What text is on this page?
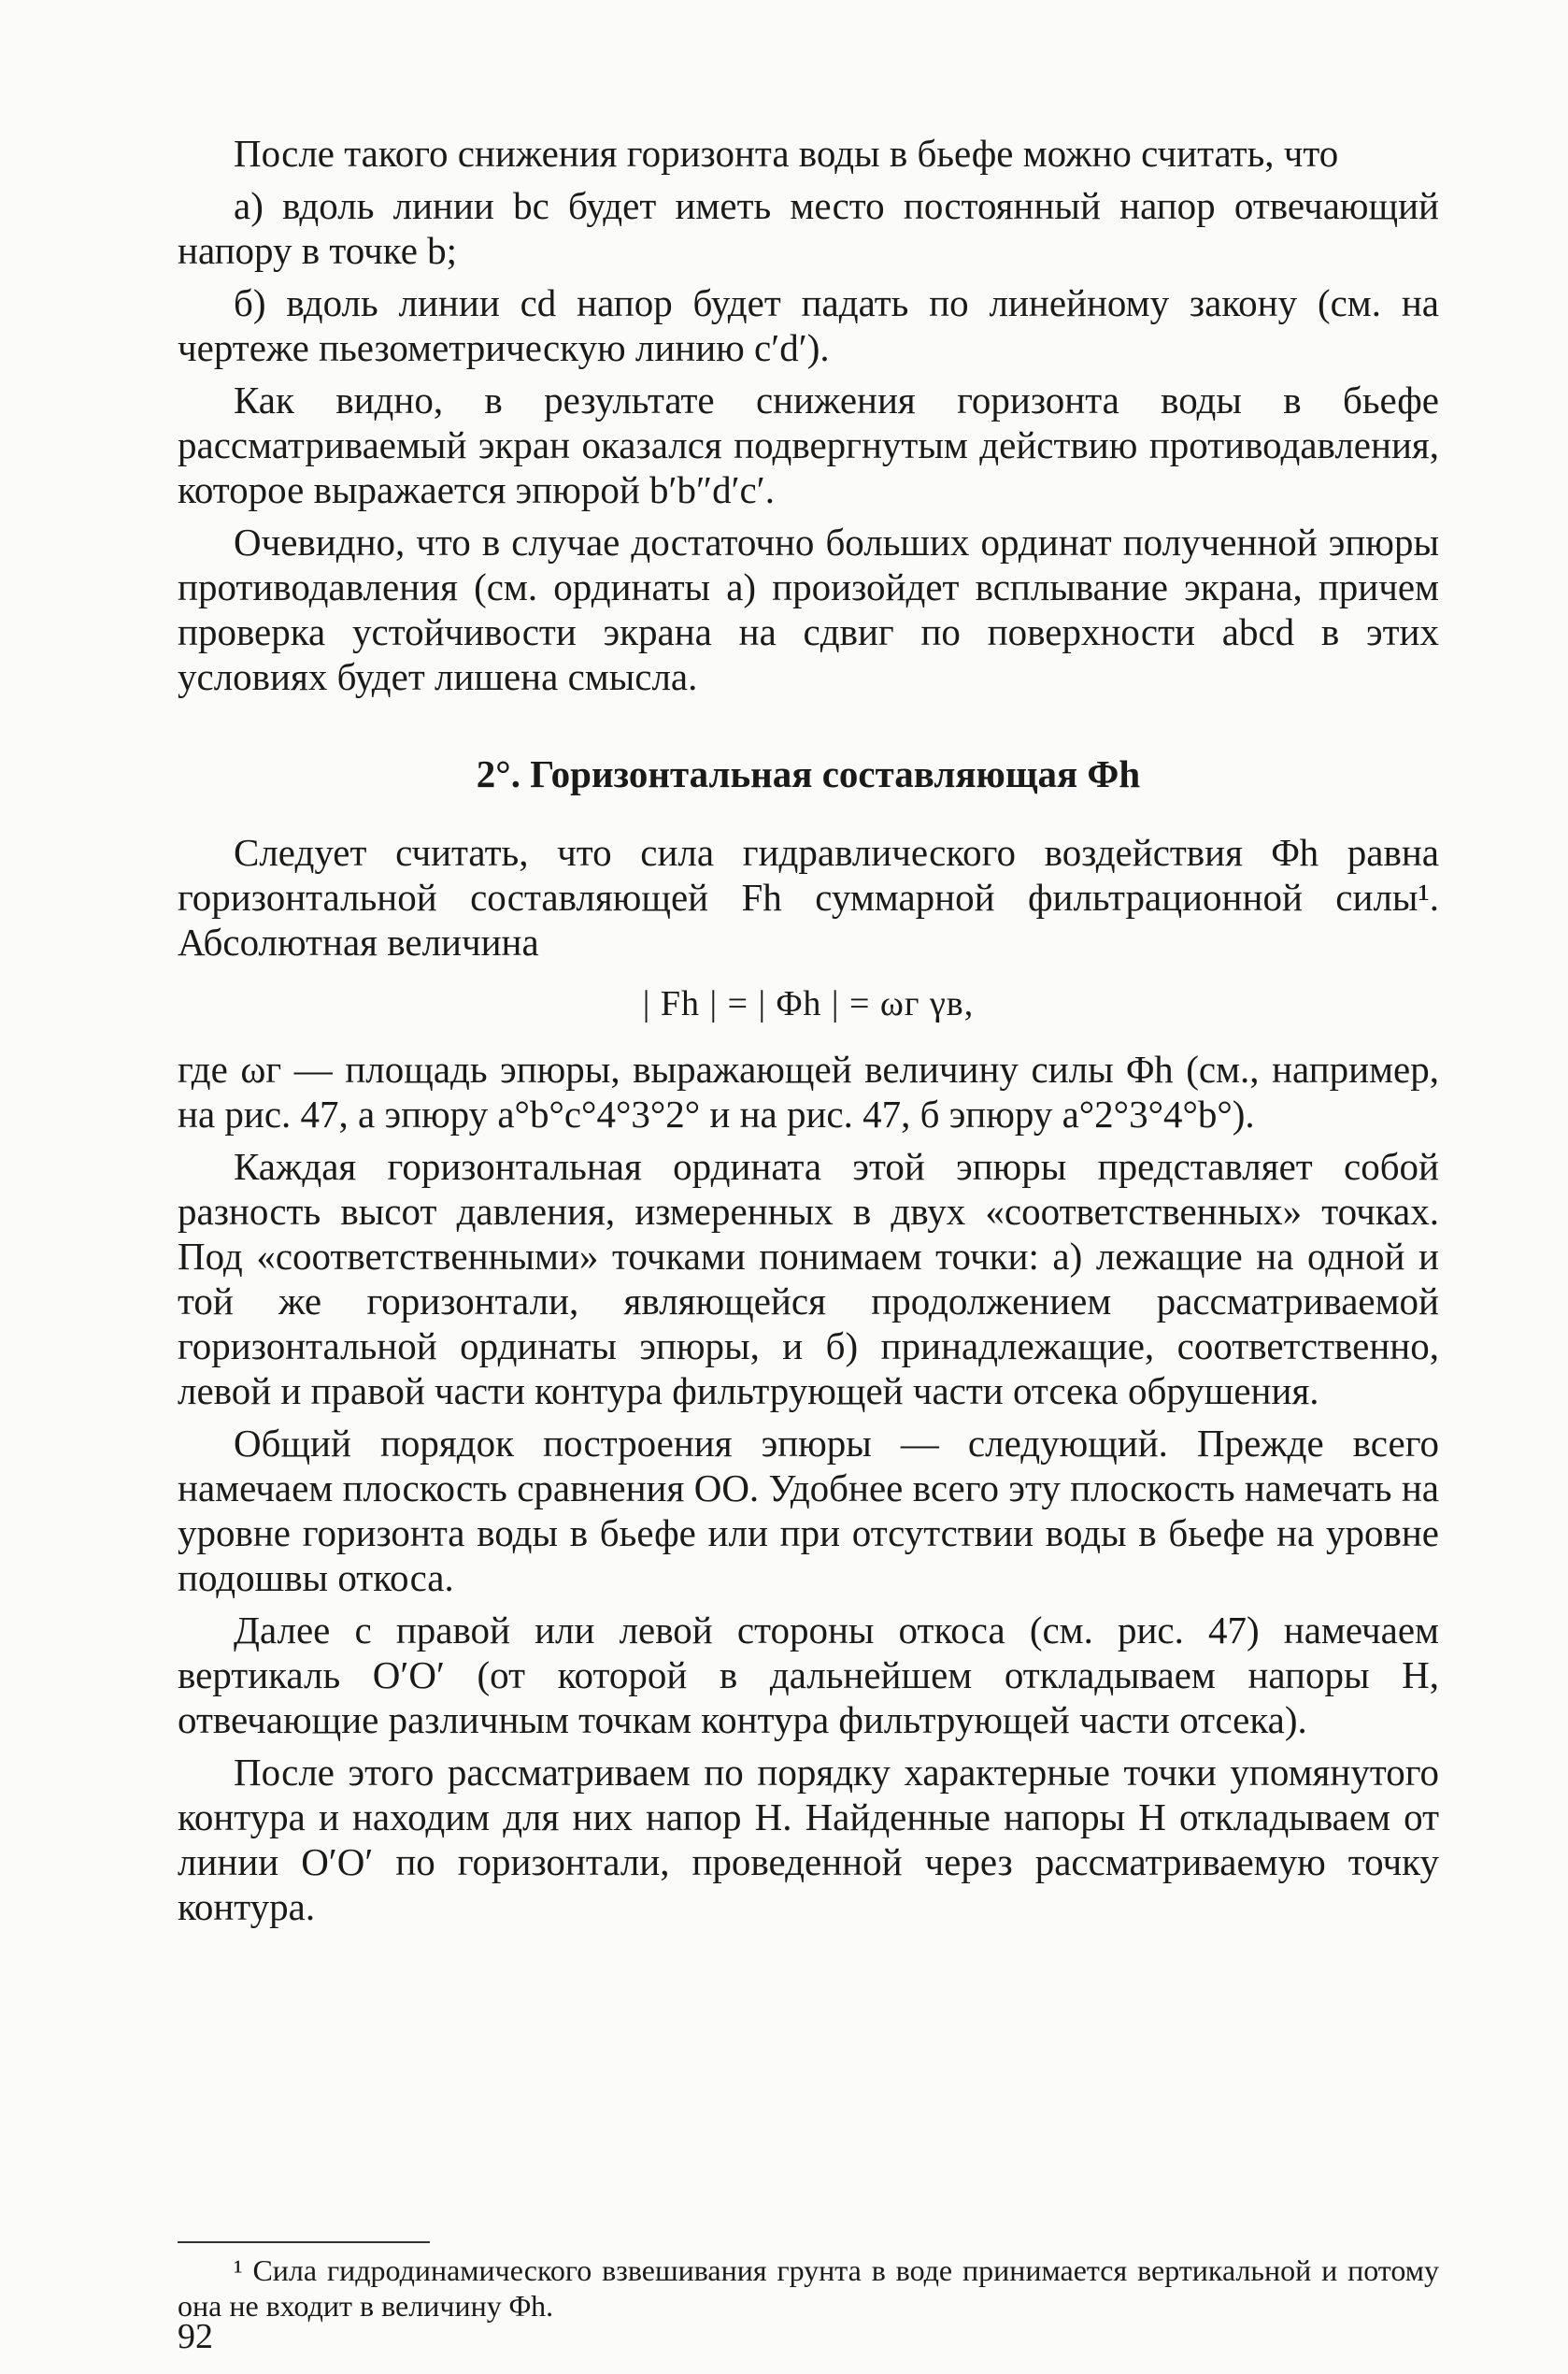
После такого снижения горизонта воды в бьефе можно считать, что

а) вдоль линии bc будет иметь место постоянный напор отвечающий напору в точке b;

б) вдоль линии cd напор будет падать по линейному закону (см. на чертеже пьезометрическую линию c′d′).

Как видно, в результате снижения горизонта воды в бьефе рассматриваемый экран оказался подвергнутым действию противодавления, которое выражается эпюрой b′b″d′c′.

Очевидно, что в случае достаточно больших ординат полученной эпюры противодавления (см. ординаты a) произойдет всплывание экрана, причем проверка устойчивости экрана на сдвиг по поверхности abcd в этих условиях будет лишена смысла.

2°. Горизонтальная составляющая Φh

Следует считать, что сила гидравлического воздействия Φh равна горизонтальной составляющей Fh суммарной фильтрационной силы¹. Абсолютная величина

| Fh | = | Φh | = ωг γв,

где ωг — площадь эпюры, выражающей величину силы Φh (см., например, на рис. 47, а эпюру a°b°c°4°3°2° и на рис. 47, б эпюру a°2°3°4°b°).

Каждая горизонтальная ордината этой эпюры представляет собой разность высот давления, измеренных в двух «соответственных» точках. Под «соответственными» точками понимаем точки: а) лежащие на одной и той же горизонтали, являющейся продолжением рассматриваемой горизонтальной ординаты эпюры, и б) принадлежащие, соответственно, левой и правой части контура фильтрующей части отсека обрушения.

Общий порядок построения эпюры — следующий. Прежде всего намечаем плоскость сравнения OO. Удобнее всего эту плоскость намечать на уровне горизонта воды в бьефе или при отсутствии воды в бьефе на уровне подошвы откоса.

Далее с правой или левой стороны откоса (см. рис. 47) намечаем вертикаль O′O′ (от которой в дальнейшем откладываем напоры H, отвечающие различным точкам контура фильтрующей части отсека).

После этого рассматриваем по порядку характерные точки упомянутого контура и находим для них напор H. Найденные напоры H откладываем от линии O′O′ по горизонтали, проведенной через рассматриваемую точку контура.

¹ Сила гидродинамического взвешивания грунта в воде принимается вертикальной и потому она не входит в величину Φh.
92
